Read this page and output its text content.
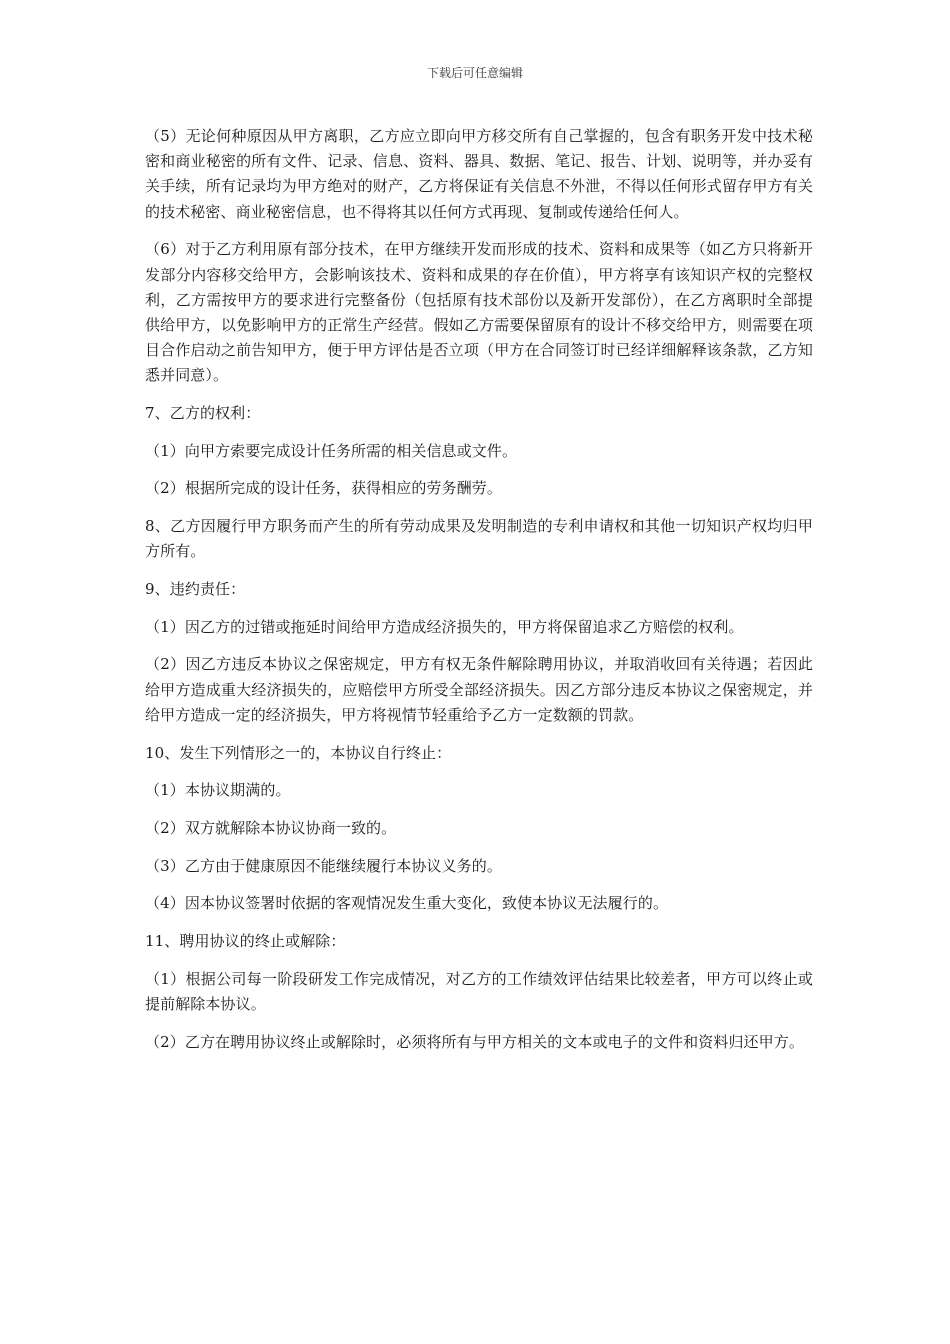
下载后可任意编辑

（5）无论何种原因从甲方离职，乙方应立即向甲方移交所有自己掌握的，包含有职务开发中技术秘密和商业秘密的所有文件、记录、信息、资料、器具、数据、笔记、报告、计划、说明等，并办妥有关手续，所有记录均为甲方绝对的财产，乙方将保证有关信息不外泄，不得以任何形式留存甲方有关的技术秘密、商业秘密信息，也不得将其以任何方式再现、复制或传递给任何人。

（6）对于乙方利用原有部分技术，在甲方继续开发而形成的技术、资料和成果等（如乙方只将新开发部分内容移交给甲方，会影响该技术、资料和成果的存在价值），甲方将享有该知识产权的完整权利，乙方需按甲方的要求进行完整备份（包括原有技术部份以及新开发部份），在乙方离职时全部提供给甲方，以免影响甲方的正常生产经营。假如乙方需要保留原有的设计不移交给甲方，则需要在项目合作启动之前告知甲方，便于甲方评估是否立项（甲方在合同签订时已经详细解释该条款，乙方知悉并同意）。

7、乙方的权利：

（1）向甲方索要完成设计任务所需的相关信息或文件。

（2）根据所完成的设计任务，获得相应的劳务酬劳。

8、乙方因履行甲方职务而产生的所有劳动成果及发明制造的专利申请权和其他一切知识产权均归甲方所有。

9、违约责任：

（1）因乙方的过错或拖延时间给甲方造成经济损失的，甲方将保留追求乙方赔偿的权利。

（2）因乙方违反本协议之保密规定，甲方有权无条件解除聘用协议，并取消收回有关待遇；若因此给甲方造成重大经济损失的，应赔偿甲方所受全部经济损失。因乙方部分违反本协议之保密规定，并给甲方造成一定的经济损失，甲方将视情节轻重给予乙方一定数额的罚款。

10、发生下列情形之一的，本协议自行终止：

（1）本协议期满的。

（2）双方就解除本协议协商一致的。

（3）乙方由于健康原因不能继续履行本协议义务的。

（4）因本协议签署时依据的客观情况发生重大变化，致使本协议无法履行的。

11、聘用协议的终止或解除：

（1）根据公司每一阶段研发工作完成情况，对乙方的工作绩效评估结果比较差者，甲方可以终止或提前解除本协议。

（2）乙方在聘用协议终止或解除时，必须将所有与甲方相关的文本或电子的文件和资料归还甲方。
